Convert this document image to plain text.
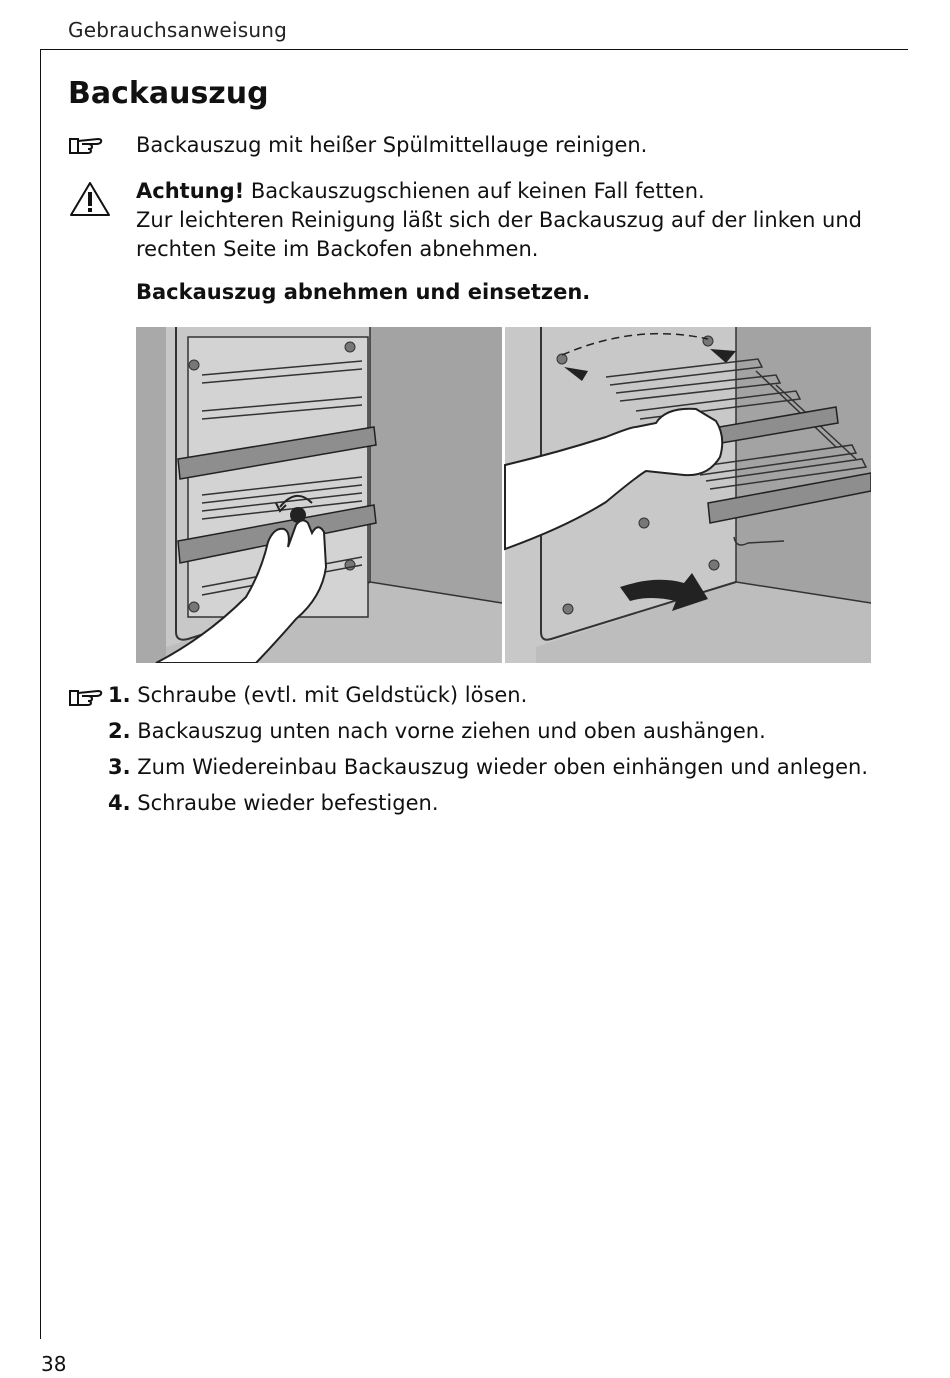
Gebrauchsanweisung
Backauszug
Backauszug mit heißer Spülmittellauge reinigen.
Achtung! Backauszugschienen auf keinen Fall fetten.
Zur leichteren Reinigung läßt sich der Backauszug auf der linken und
rechten Seite im Backofen abnehmen.
Backauszug abnehmen und einsetzen.
1. Schraube (evtl. mit Geldstück) lösen.
2. Backauszug unten nach vorne ziehen und oben aushängen.
3. Zum Wiedereinbau Backauszug wieder oben einhängen und anlegen.
4. Schraube wieder befestigen.
38
